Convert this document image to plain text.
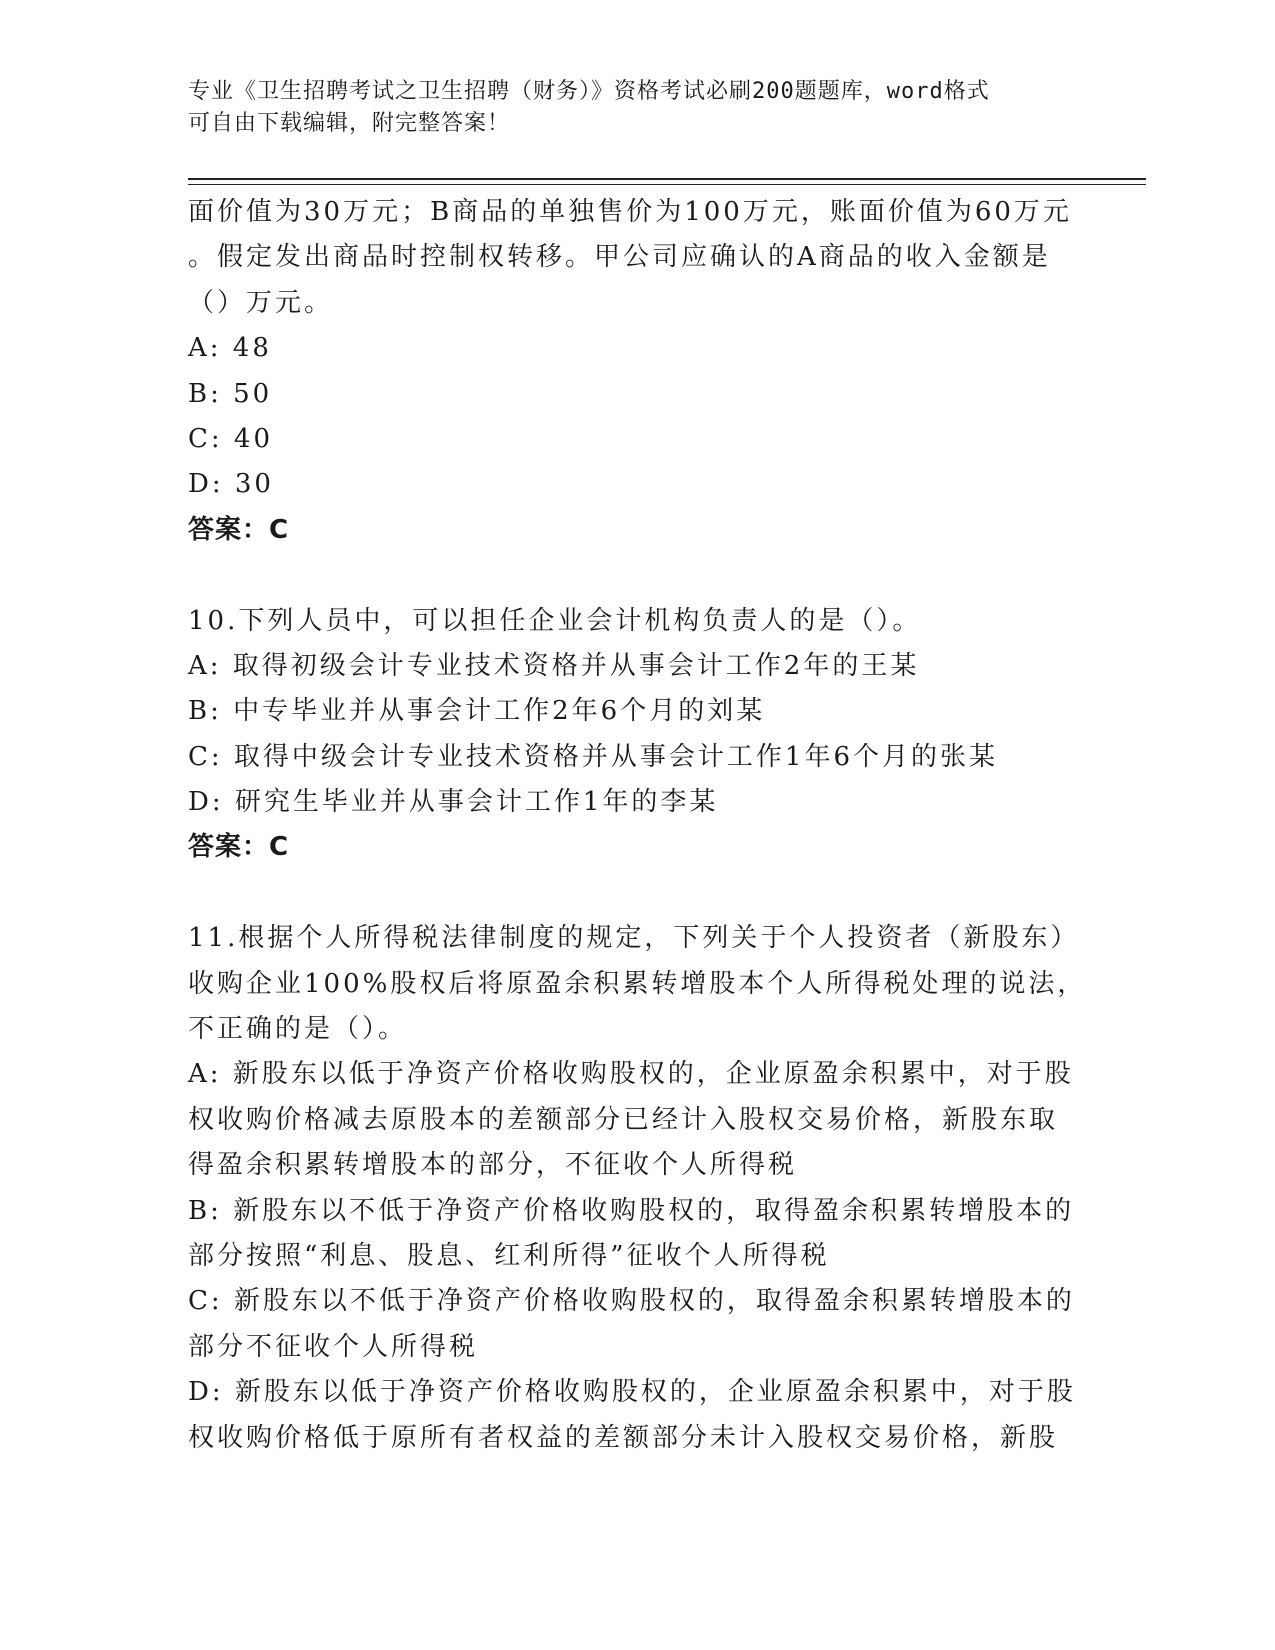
专业《卫生招聘考试之卫生招聘（财务）》资格考试必刷200题题库，word格式
可自由下载编辑，附完整答案！
面价值为30万元；B商品的单独售价为100万元，账面价值为60万元
。假定发出商品时控制权转移。甲公司应确认的A商品的收入金额是
（）万元。
A: 48
B: 50
C: 40
D: 30
答案：C
10.下列人员中，可以担任企业会计机构负责人的是（）。
A: 取得初级会计专业技术资格并从事会计工作2年的王某
B: 中专毕业并从事会计工作2年6个月的刘某
C: 取得中级会计专业技术资格并从事会计工作1年6个月的张某
D: 研究生毕业并从事会计工作1年的李某
答案：C
11.根据个人所得税法律制度的规定，下列关于个人投资者（新股东）
收购企业100%股权后将原盈余积累转增股本个人所得税处理的说法，
不正确的是（）。
A: 新股东以低于净资产价格收购股权的，企业原盈余积累中，对于股
权收购价格减去原股本的差额部分已经计入股权交易价格，新股东取
得盈余积累转增股本的部分，不征收个人所得税
B: 新股东以不低于净资产价格收购股权的，取得盈余积累转增股本的
部分按照“利息、股息、红利所得”征收个人所得税
C: 新股东以不低于净资产价格收购股权的，取得盈余积累转增股本的
部分不征收个人所得税
D: 新股东以低于净资产价格收购股权的，企业原盈余积累中，对于股
权收购价格低于原所有者权益的差额部分未计入股权交易价格，新股
